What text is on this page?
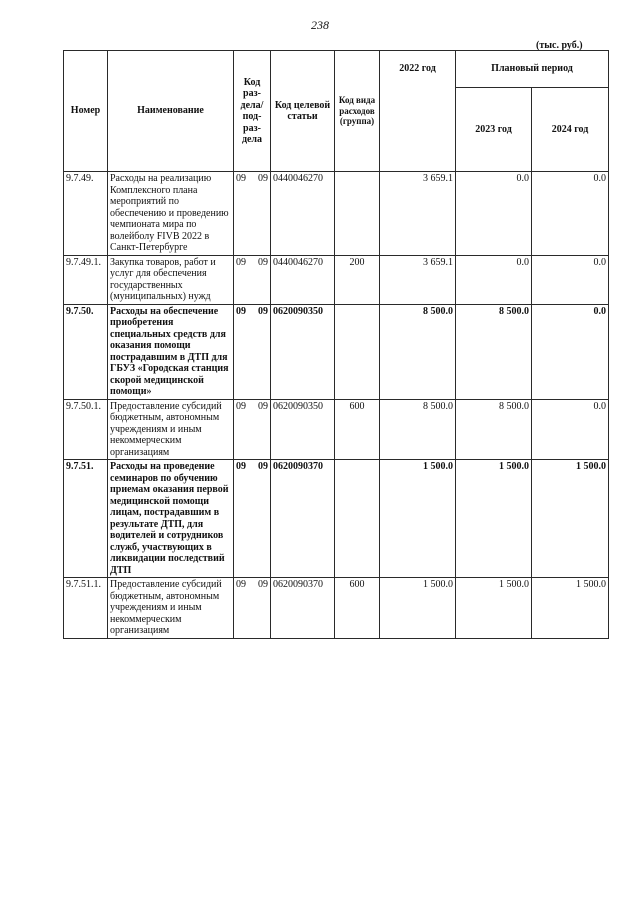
238
(тыс. руб.)
Номер	Наименование	Код раз-дела/ под-раз-дела	Код целевой статьи	Код вида расходов (группа)	2022 год	Плановый период	
						2023 год	2024 год
9.7.49.	Расходы на реализацию Комплексного плана мероприятий по обеспечению и проведению чемпионата мира по волейболу FIVB 2022 в Санкт-Петербурге	09 09	0440046270		3 659.1	0.0	0.0
9.7.49.1.	Закупка товаров, работ и услуг для обеспечения государственных (муниципальных) нужд	09 09	0440046270	200	3 659.1	0.0	0.0
9.7.50.	Расходы на обеспечение приобретения специальных средств для оказания помощи пострадавшим в ДТП для ГБУЗ «Городская станция скорой медицинской помощи»	09 09	0620090350		8 500.0	8 500.0	0.0
9.7.50.1.	Предоставление субсидий бюджетным, автономным учреждениям и иным некоммерческим организациям	09 09	0620090350	600	8 500.0	8 500.0	0.0
9.7.51.	Расходы на проведение семинаров по обучению приемам оказания первой медицинской помощи лицам, пострадавшим в результате ДТП, для водителей и сотрудников служб, участвующих в ликвидации последствий ДТП	09 09	0620090370		1 500.0	1 500.0	1 500.0
9.7.51.1.	Предоставление субсидий бюджетным, автономным учреждениям и иным некоммерческим организациям	09 09	0620090370	600	1 500.0	1 500.0	1 500.0
